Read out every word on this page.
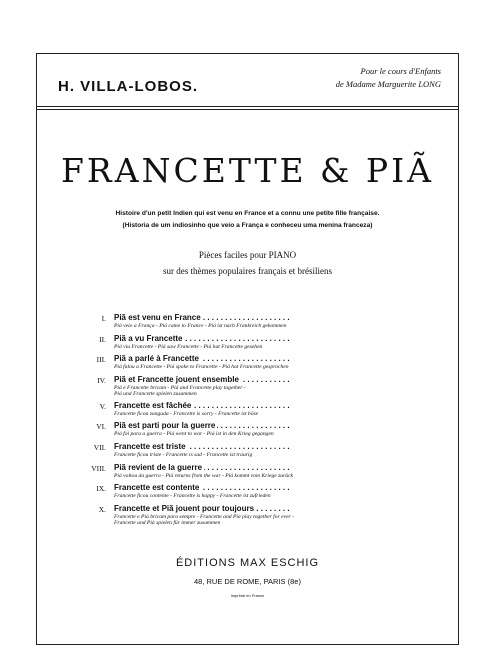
H. VILLA-LOBOS.
Pour le cours d'Enfants
de Madame Marguerite LONG
FRANCETTE & PIÃ
Histoire d'un petit Indien qui est venu en France et a connu une petite fille française.
(Historia de um indiosinho que veio a França e conheceu uma menina franceza)
Pièces faciles pour PIANO
sur des thèmes populaires français et brésiliens
I. . . . Piã est venu en France
Piá veio a França - Piá came to France - Piá ist nach Frankreich gekommen
II. . . . Piã a vu Francette
Piá viu Francette - Piá saw Francette - Piá hat Francette gesehen
III. . . . Piã a parlé à Francette
Piá falou a Francette - Piá spoke to Francette - Piá hat Francette gesprochen
IV. . . . Piã et Francette jouent ensemble
Piá e Francette bricam - Piá and Francette play together -
Piá und Francette spielen zusammen
V. . . . Francette est fâchée
Francette ficou zangada - Francette is sorry - Francette ist böse
VI. . . . Piã est parti pour la guerre
Piá foi para a guerra - Piá went to war - Piá ist in den Krieg gegangen
VII. . . . Francette est triste
Francette ficou triste - Francette is sad - Francette ist traurig
VIII. . . . Piã revient de la guerre
Piá voltou da guerra - Piá returns from the war - Piá kommt vom Kriege zurück
IX. . . . Francette est contente
Francette ficou contente - Francette is happy - Francette ist zufrieden
X. . . . Francette et Piã jouent pour toujours
Francette e Piá bricam para sempre - Francette and Piá play together for ever -
Francette und Piá spielen für immer zusammen
ÉDITIONS MAX ESCHIG
48, RUE DE ROME, PARIS (8e)
Imprimé en France
